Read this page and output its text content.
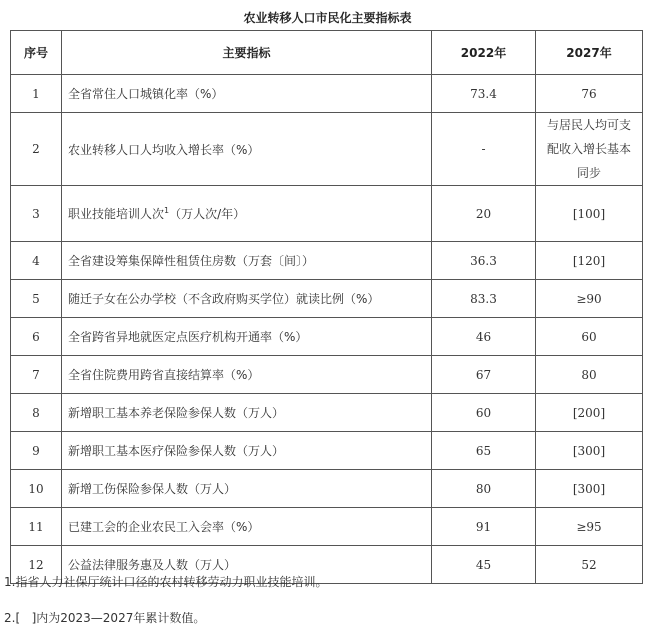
农业转移人口市民化主要指标表
序号	主要指标	2022年	2027年
1	全省常住人口城镇化率（%）	73.4	76
2	农业转移人口人均收入增长率（%）	-	与居民人均可支配收入增长基本同步
3	职业技能培训人次$^1$（万人次/年）	20	[100]
4	全省建设筹集保障性租赁住房数（万套〔间〕）	36.3	[120]
5	随迁子女在公办学校（不含政府购买学位）就读比例（%）	83.3	≥90
6	全省跨省异地就医定点医疗机构开通率（%）	46	60
7	全省住院费用跨省直接结算率（%）	67	80
8	新增职工基本养老保险参保人数（万人）	60	[200]
9	新增职工基本医疗保险参保人数（万人）	65	[300]
10	新增工伤保险参保人数（万人）	80	[300]
11	已建工会的企业农民工入会率（%）	91	≥95
12	公益法律服务惠及人数（万人）	45	52
1.指省人力社保厅统计口径的农村转移劳动力职业技能培训。
2.[   ]内为2023—2027年累计数值。
